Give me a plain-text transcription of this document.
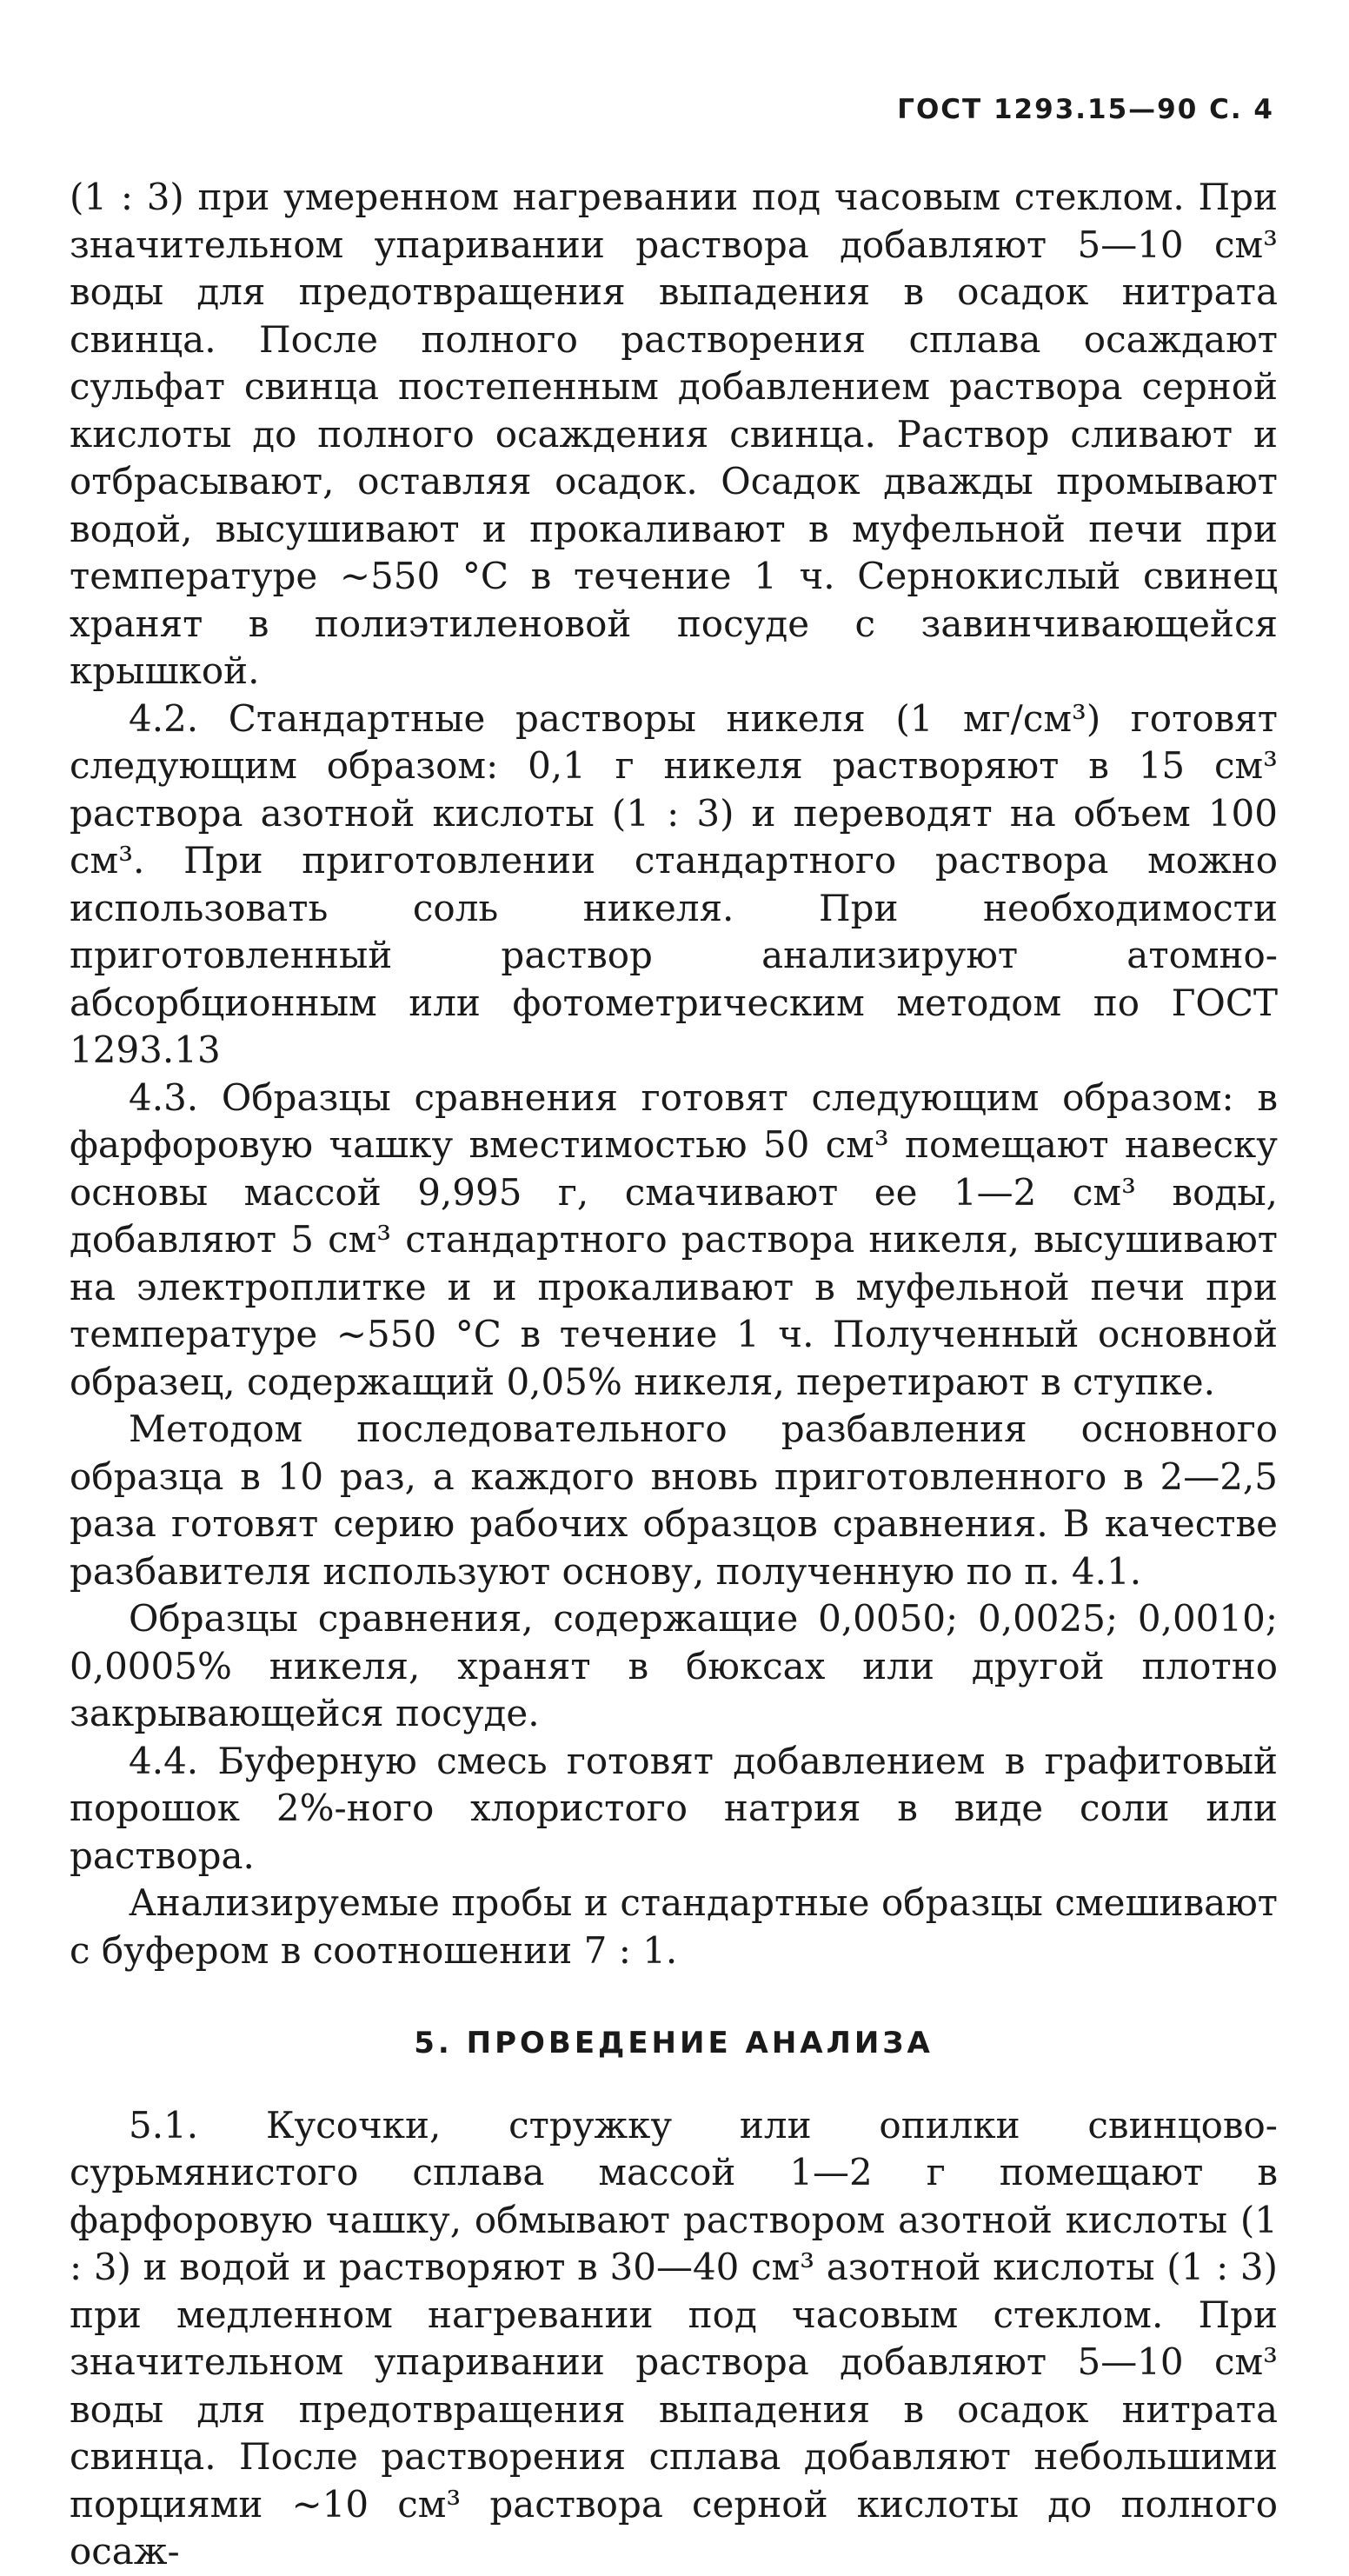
ГОСТ 1293.15—90 С. 4

(1 : 3) при умеренном нагревании под часовым стеклом. При значительном упаривании раствора добавляют 5—10 см³ воды для предотвращения выпадения в осадок нитрата свинца. После полного растворения сплава осаждают сульфат свинца постепенным добавлением раствора серной кислоты до полного осаждения свинца. Раствор сливают и отбрасывают, оставляя осадок. Осадок дважды промывают водой, высушивают и прокаливают в муфельной печи при температуре ~550 °С в течение 1 ч. Сернокислый свинец хранят в полиэтиленовой посуде с завинчивающейся крышкой.

4.2. Стандартные растворы никеля (1 мг/см³) готовят следующим образом: 0,1 г никеля растворяют в 15 см³ раствора азотной кислоты (1 : 3) и переводят на объем 100 см³. При приготовлении стандартного раствора можно использовать соль никеля. При необходимости приготовленный раствор анализируют атомно-абсорбционным или фотометрическим методом по ГОСТ 1293.13

4.3. Образцы сравнения готовят следующим образом: в фарфоровую чашку вместимостью 50 см³ помещают навеску основы массой 9,995 г, смачивают ее 1—2 см³ воды, добавляют 5 см³ стандартного раствора никеля, высушивают на электроплитке и и прокаливают в муфельной печи при температуре ~550 °С в течение 1 ч. Полученный основной образец, содержащий 0,05% никеля, перетирают в ступке.

Методом последовательного разбавления основного образца в 10 раз, а каждого вновь приготовленного в 2—2,5 раза готовят серию рабочих образцов сравнения. В качестве разбавителя используют основу, полученную по п. 4.1.

Образцы сравнения, содержащие 0,0050; 0,0025; 0,0010; 0,0005% никеля, хранят в бюксах или другой плотно закрывающейся посуде.

4.4. Буферную смесь готовят добавлением в графитовый порошок 2%-ного хлористого натрия в виде соли или раствора.

Анализируемые пробы и стандартные образцы смешивают с буфером в соотношении 7 : 1.

5. ПРОВЕДЕНИЕ АНАЛИЗА

5.1. Кусочки, стружку или опилки свинцово-сурьмянистого сплава массой 1—2 г помещают в фарфоровую чашку, обмывают раствором азотной кислоты (1 : 3) и водой и растворяют в 30—40 см³ азотной кислоты (1 : 3) при медленном нагревании под часовым стеклом. При значительном упаривании раствора добавляют 5—10 см³ воды для предотвращения выпадения в осадок нитрата свинца. После растворения сплава добавляют небольшими порциями ~10 см³ раствора серной кислоты до полного осаж-
